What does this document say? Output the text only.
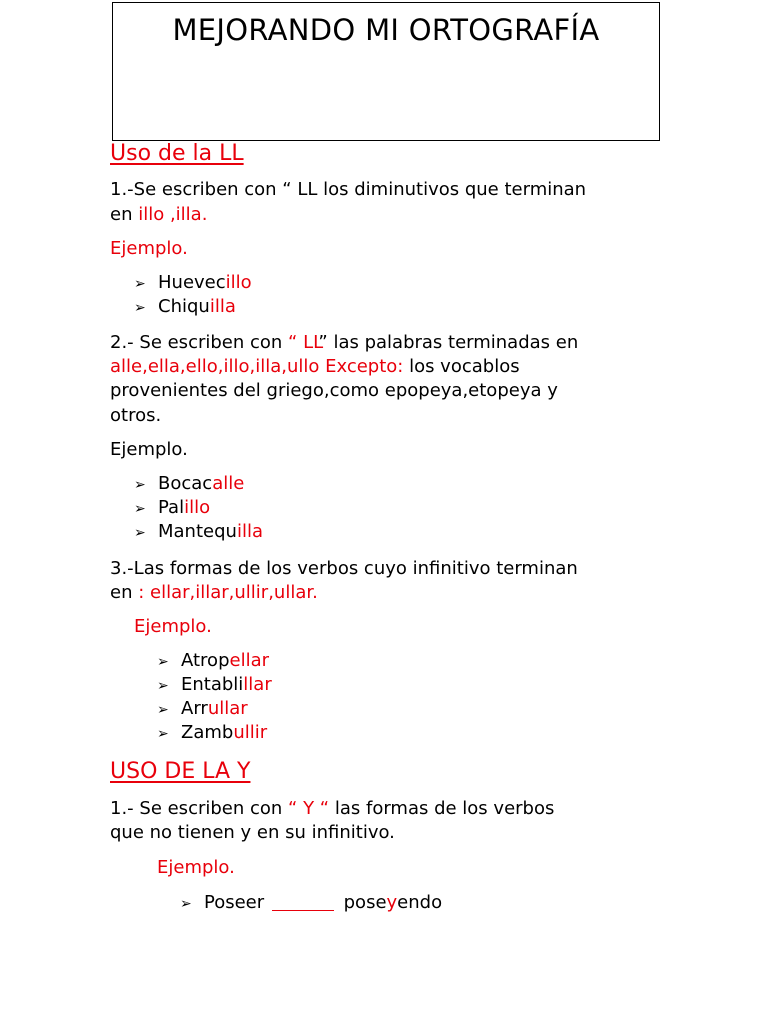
MEJORANDO MI ORTOGRAFÍA
Uso de la LL
1.-Se escriben con “ LL los diminutivos que terminan
en illo ,illa.
Ejemplo.
➢ Huevecillo
➢ Chiquilla
2.- Se escriben con “ LL” las palabras terminadas en
alle,ella,ello,illo,illa,ullo Excepto: los vocablos
provenientes del griego,como epopeya,etopeya y
otros.
Ejemplo.
➢ Bocacalle
➢ Palillo
➢ Mantequilla
3.-Las formas de los verbos cuyo infinitivo terminan
en : ellar,illar,ullir,ullar.
Ejemplo.
➢ Atropellar
➢ Entablillar
➢ Arrullar
➢ Zambullir
USO DE LA Y
1.- Se escriben con “ Y “ las formas de los verbos
que no tienen y en su infinitivo.
Ejemplo.
➢ Poseer	poseyendo
